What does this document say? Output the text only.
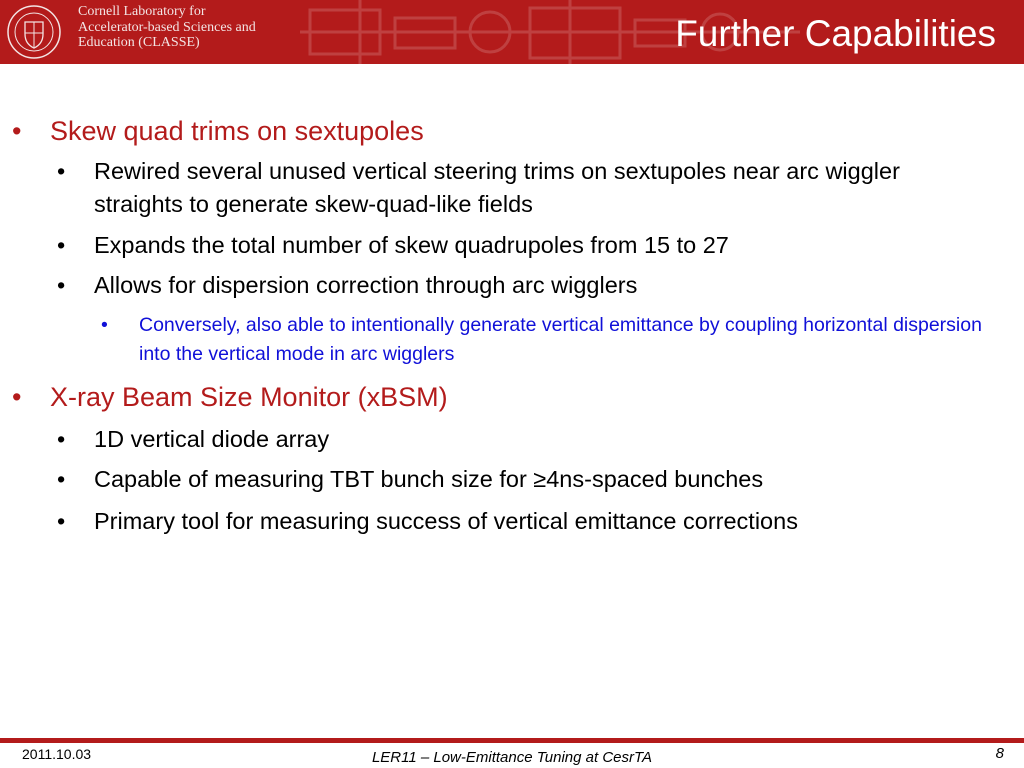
Cornell Laboratory for
Accelerator-based Sciences and
Education (CLASSE)	Further Capabilities
• Skew quad trims on sextupoles
• Rewired several unused vertical steering trims on sextupoles near arc wiggler straights to generate skew-quad-like fields
• Expands the total number of skew quadrupoles from 15 to 27
• Allows for dispersion correction through arc wigglers
• Conversely, also able to intentionally generate vertical emittance by coupling horizontal dispersion into the vertical mode in arc wigglers
• X-ray Beam Size Monitor (xBSM)
• 1D vertical diode array
• Capable of measuring TBT bunch size for ≥4ns-spaced bunches
• Primary tool for measuring success of vertical emittance corrections
2011.10.03	LER11 – Low-Emittance Tuning at CesrTA	8
